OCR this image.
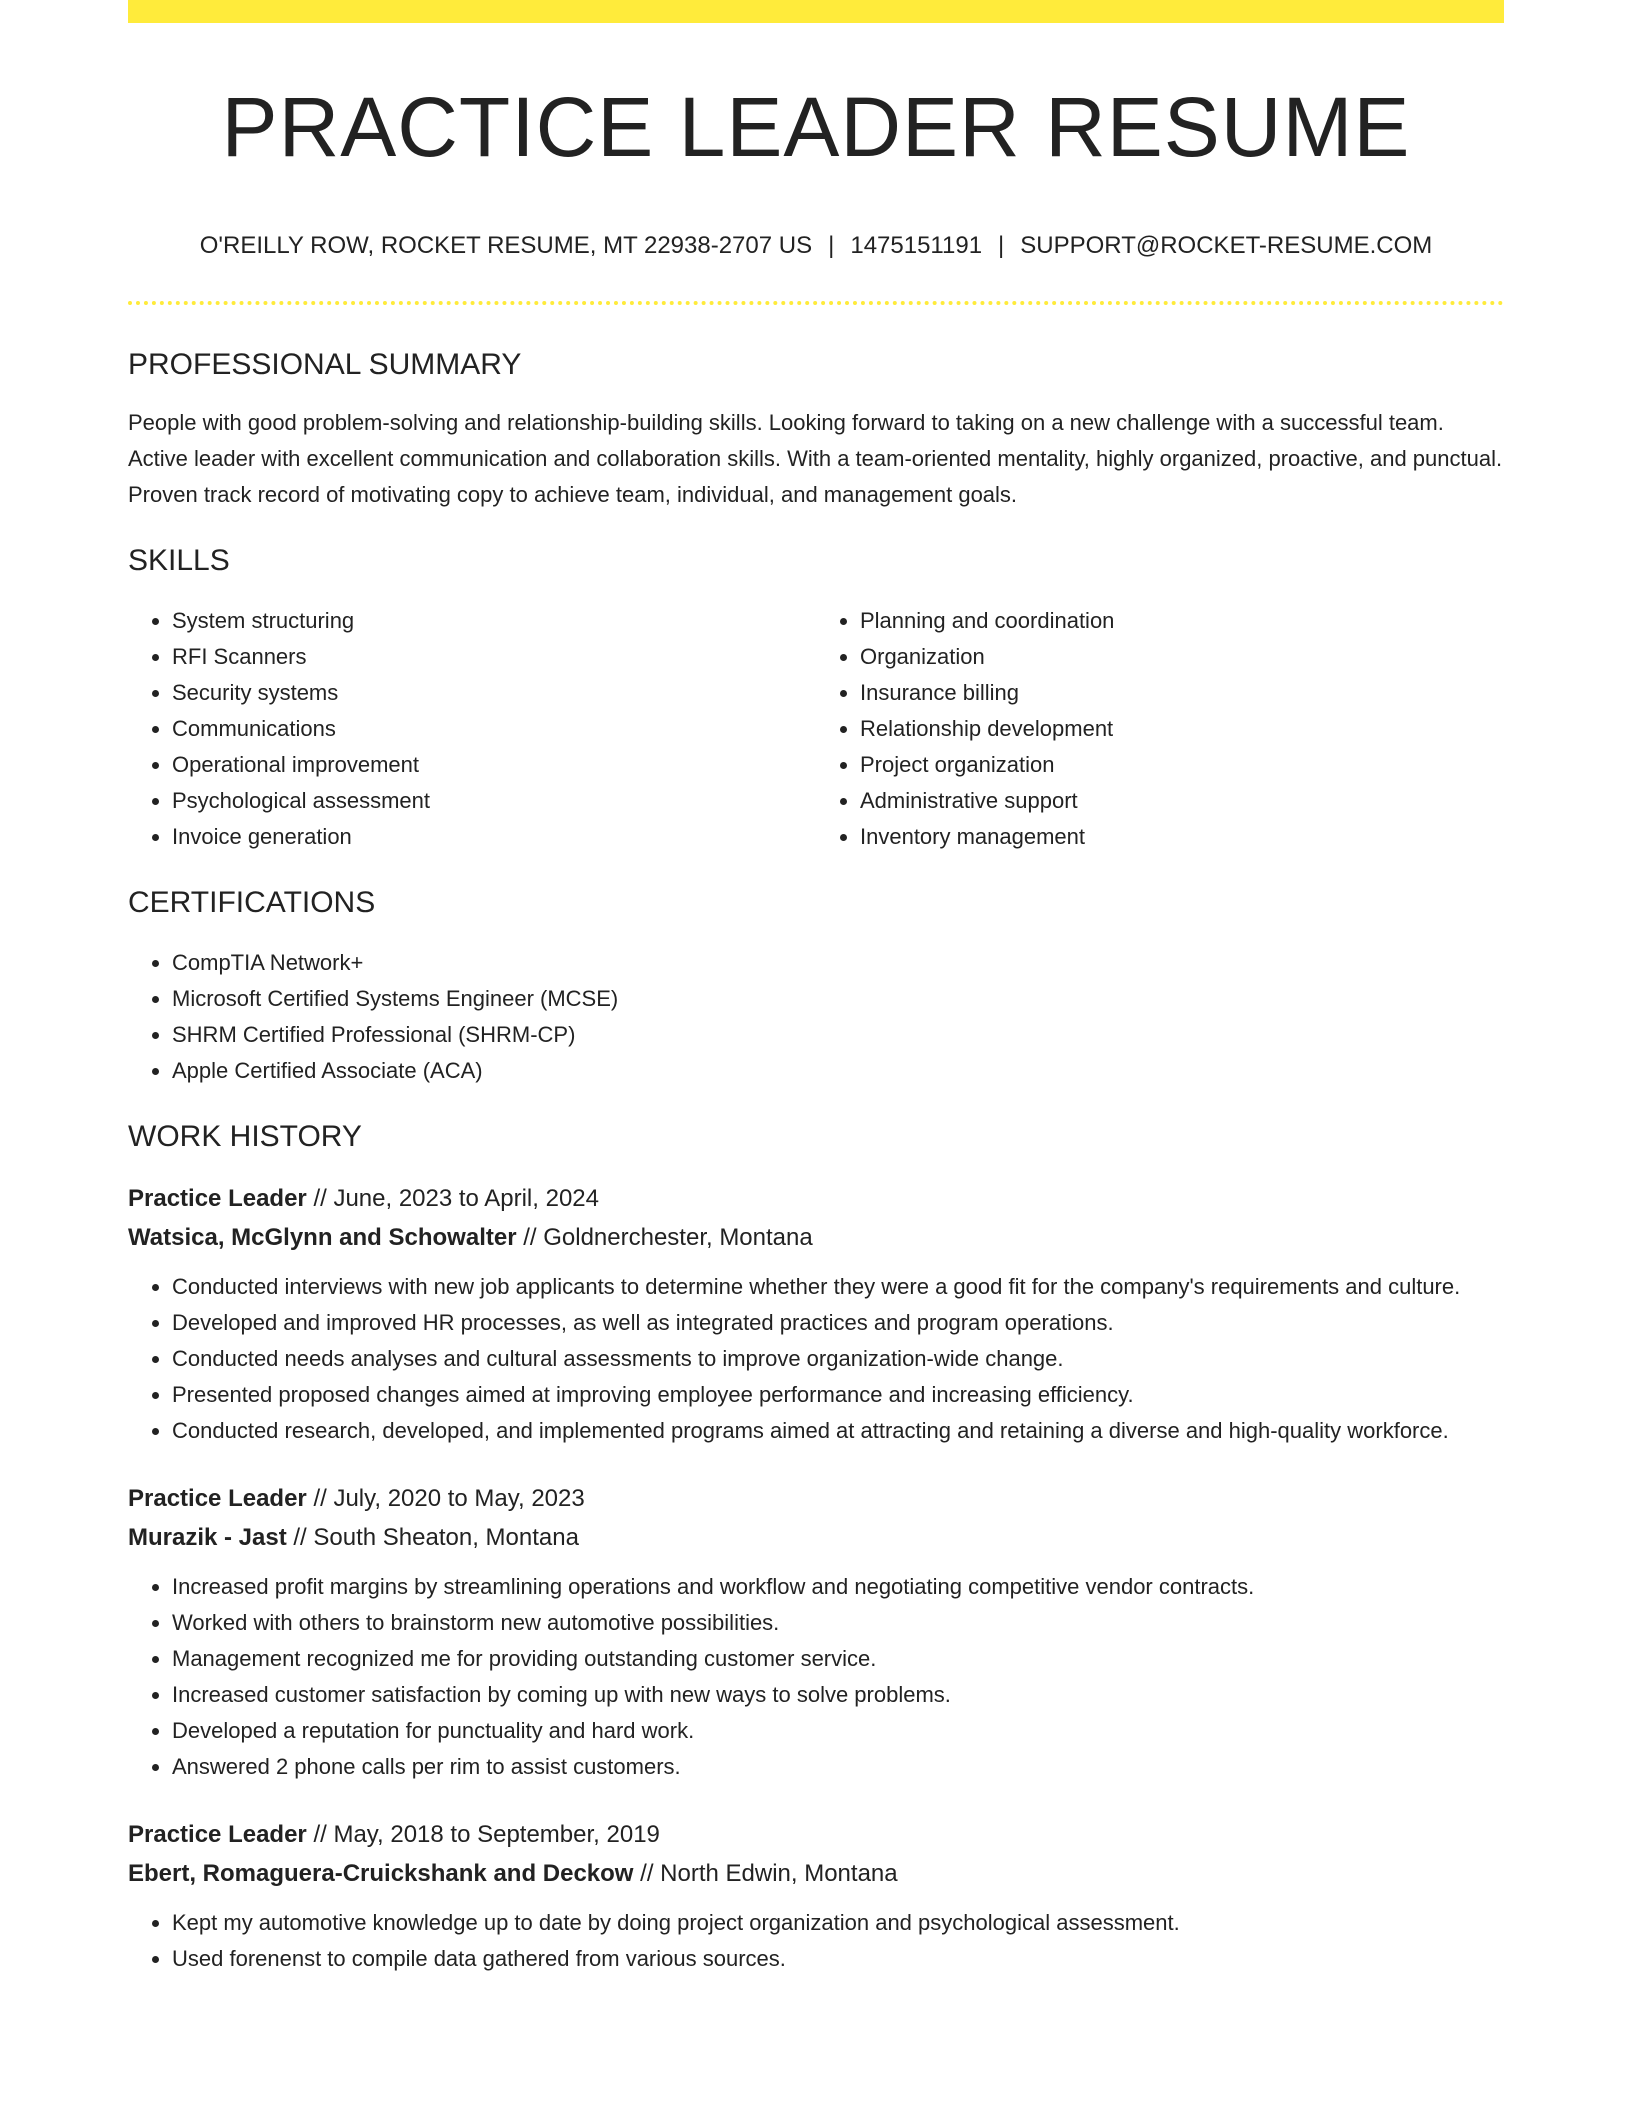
PRACTICE LEADER RESUME
O'REILLY ROW, ROCKET RESUME, MT 22938-2707 US | 1475151191 | SUPPORT@ROCKET-RESUME.COM
PROFESSIONAL SUMMARY

People with good problem-solving and relationship-building skills. Looking forward to taking on a new challenge with a successful team. Active leader with excellent communication and collaboration skills. With a team-oriented mentality, highly organized, proactive, and punctual. Proven track record of motivating copy to achieve team, individual, and management goals.

SKILLS
• System structuring
• RFI Scanners
• Security systems
• Communications
• Operational improvement
• Psychological assessment
• Invoice generation
• Planning and coordination
• Organization
• Insurance billing
• Relationship development
• Project organization
• Administrative support
• Inventory management
CERTIFICATIONS
• CompTIA Network+
• Microsoft Certified Systems Engineer (MCSE)
• SHRM Certified Professional (SHRM-CP)
• Apple Certified Associate (ACA)
WORK HISTORY
Practice Leader // June, 2023 to April, 2024
Watsica, McGlynn and Schowalter // Goldnerchester, Montana
• Conducted interviews with new job applicants to determine whether they were a good fit for the company's requirements and culture.
• Developed and improved HR processes, as well as integrated practices and program operations.
• Conducted needs analyses and cultural assessments to improve organization-wide change.
• Presented proposed changes aimed at improving employee performance and increasing efficiency.
• Conducted research, developed, and implemented programs aimed at attracting and retaining a diverse and high-quality workforce.
Practice Leader // July, 2020 to May, 2023
Murazik - Jast // South Sheaton, Montana
• Increased profit margins by streamlining operations and workflow and negotiating competitive vendor contracts.
• Worked with others to brainstorm new automotive possibilities.
• Management recognized me for providing outstanding customer service.
• Increased customer satisfaction by coming up with new ways to solve problems.
• Developed a reputation for punctuality and hard work.
• Answered 2 phone calls per rim to assist customers.
Practice Leader // May, 2018 to September, 2019
Ebert, Romaguera-Cruickshank and Deckow // North Edwin, Montana
• Kept my automotive knowledge up to date by doing project organization and psychological assessment.
• Used forenenst to compile data gathered from various sources.
